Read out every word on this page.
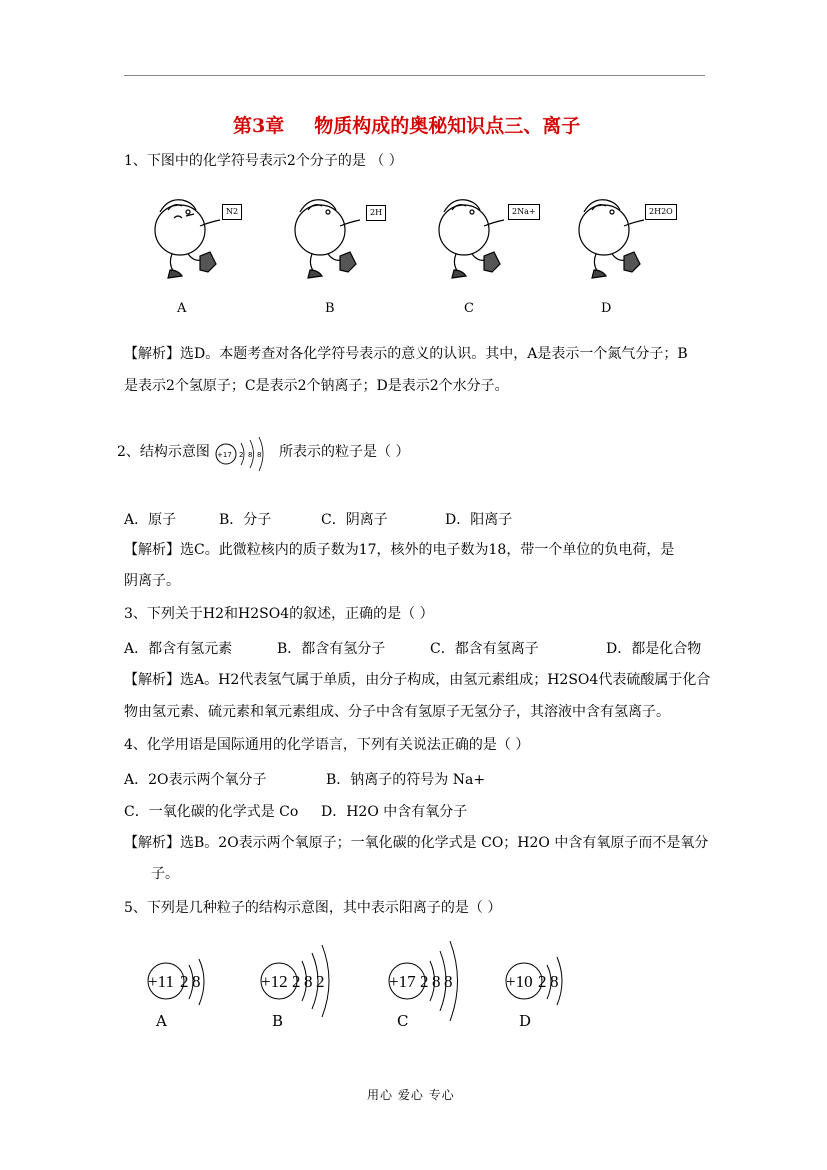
第3章 物质构成的奥秘知识点三、离子
1、下图中的化学符号表示2个分子的是 （ ）
N2	2H	2Na+	2H2O
A	B	C	D
【解析】选D。本题考查对各化学符号表示的意义的认识。其中，A是表示一个氮气分子；B
是表示2个氢原子；C是表示2个钠离子；D是表示2个水分子。
2、结构示意图 +17 2 8 8 所表示的粒子是（ ）
A．原子	B．分子	C．阴离子	D．阳离子
【解析】选C。此微粒核内的质子数为17，核外的电子数为18，带一个单位的负电荷，是
阴离子。
3、下列关于H2和H2SO4的叙述，正确的是（ ）
A．都含有氢元素	B．都含有氢分子	C．都含有氢离子	D．都是化合物
【解析】选A。H2代表氢气属于单质，由分子构成，由氢元素组成；H2SO4代表硫酸属于化合
物由氢元素、硫元素和氧元素组成、分子中含有氢原子无氢分子，其溶液中含有氢离子。
4、化学用语是国际通用的化学语言，下列有关说法正确的是（ ）
A．2O表示两个氧分子	B．钠离子的符号为 Na+
C．一氧化碳的化学式是 Co D．H2O 中含有氧分子
【解析】选B。2O表示两个氧原子；一氧化碳的化学式是 CO；H2O 中含有氧原子而不是氧分
子。
5、下列是几种粒子的结构示意图，其中表示阳离子的是（ ）
+11 2 8	+12 2 8 2	+17 2 8 8	+10 2 8
A	B	C	D
用心 爱心 专心
